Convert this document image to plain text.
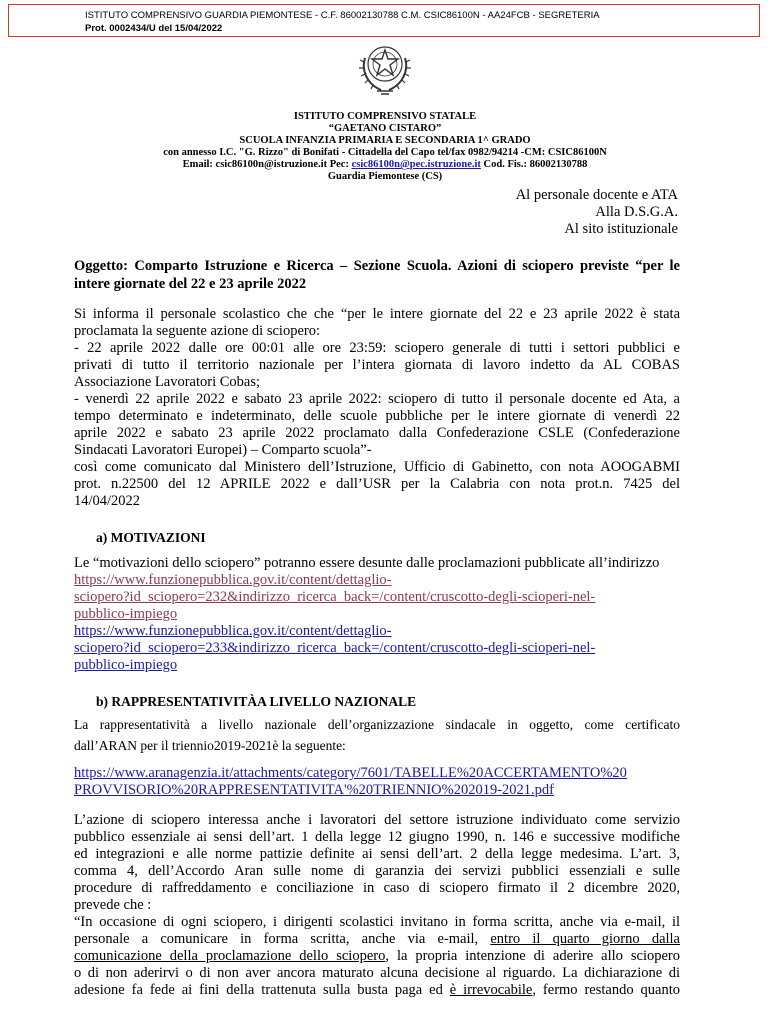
ISTITUTO COMPRENSIVO GUARDIA PIEMONTESE - C.F. 86002130788 C.M. CSIC86100N - AA24FCB - SEGRETERIA
Prot. 0002434/U del 15/04/2022
ISTITUTO COMPRENSIVO STATALE
“GAETANO CISTARO”
SCUOLA INFANZIA PRIMARIA E SECONDARIA 1^ GRADO
con annesso I.C. "G. Rizzo" di Bonifati - Cittadella del Capo tel/fax 0982/94214 -CM: CSIC86100N
Email: csic86100n@istruzione.it Pec: csic86100n@pec.istruzione.it Cod. Fis.: 86002130788
Guardia Piemontese (CS)
Al personale docente e ATA
Alla D.S.G.A.
Al sito istituzionale
Oggetto: Comparto Istruzione e Ricerca – Sezione Scuola. Azioni di sciopero previste “per le
intere giornate del 22 e 23 aprile 2022
Si informa il personale scolastico che che “per le intere giornate del 22 e 23 aprile 2022 è stata
proclamata la seguente azione di sciopero:
- 22 aprile 2022 dalle ore 00:01 alle ore 23:59: sciopero generale di tutti i settori pubblici e
privati di tutto il territorio nazionale per l’intera giornata di lavoro indetto da AL COBAS
Associazione Lavoratori Cobas;
- venerdì 22 aprile 2022 e sabato 23 aprile 2022: sciopero di tutto il personale docente ed Ata, a
tempo determinato e indeterminato, delle scuole pubbliche per le intere giornate di venerdì 22
aprile 2022 e sabato 23 aprile 2022 proclamato dalla Confederazione CSLE (Confederazione
Sindacati Lavoratori Europei) – Comparto scuola”-
così come comunicato dal Ministero dell’Istruzione, Ufficio di Gabinetto, con nota AOOGABMI
prot. n.22500 del 12 APRILE 2022 e dall’USR per la Calabria con nota prot.n. 7425 del
14/04/2022
a) MOTIVAZIONI
Le “motivazioni dello sciopero” potranno essere desunte dalle proclamazioni pubblicate all’indirizzo
https://www.funzionepubblica.gov.it/content/dettaglio-
sciopero?id_sciopero=232&indirizzo_ricerca_back=/content/cruscotto-degli-scioperi-nel-
pubblico-impiego
https://www.funzionepubblica.gov.it/content/dettaglio-
sciopero?id_sciopero=233&indirizzo_ricerca_back=/content/cruscotto-degli-scioperi-nel-
pubblico-impiego
b) RAPPRESENTATIVITÀA LIVELLO NAZIONALE
La rappresentatività a livello nazionale dell’organizzazione sindacale in oggetto, come certificato
dall’ARAN per il triennio2019-2021è la seguente:
https://www.aranagenzia.it/attachments/category/7601/TABELLE%20ACCERTAMENTO%20
PROVVISORIO%20RAPPRESENTATIVITA'%20TRIENNIO%202019-2021.pdf
L’azione di sciopero interessa anche i lavoratori del settore istruzione individuato come servizio
pubblico essenziale ai sensi dell’art. 1 della legge 12 giugno 1990, n. 146 e successive modifiche
ed integrazioni e alle norme pattizie definite ai sensi dell’art. 2 della legge medesima. L’art. 3,
comma 4, dell’Accordo Aran sulle nome di garanzia dei servizi pubblici essenziali e sulle
procedure di raffreddamento e conciliazione in caso di sciopero firmato il 2 dicembre 2020,
prevede che :
“In occasione di ogni sciopero, i dirigenti scolastici invitano in forma scritta, anche via e-mail, il
personale a comunicare in forma scritta, anche via e-mail, entro il quarto giorno dalla
comunicazione della proclamazione dello sciopero, la propria intenzione di aderire allo sciopero
o di non aderirvi o di non aver ancora maturato alcuna decisione al riguardo. La dichiarazione di
adesione fa fede ai fini della trattenuta sulla busta paga ed è irrevocabile, fermo restando quanto
